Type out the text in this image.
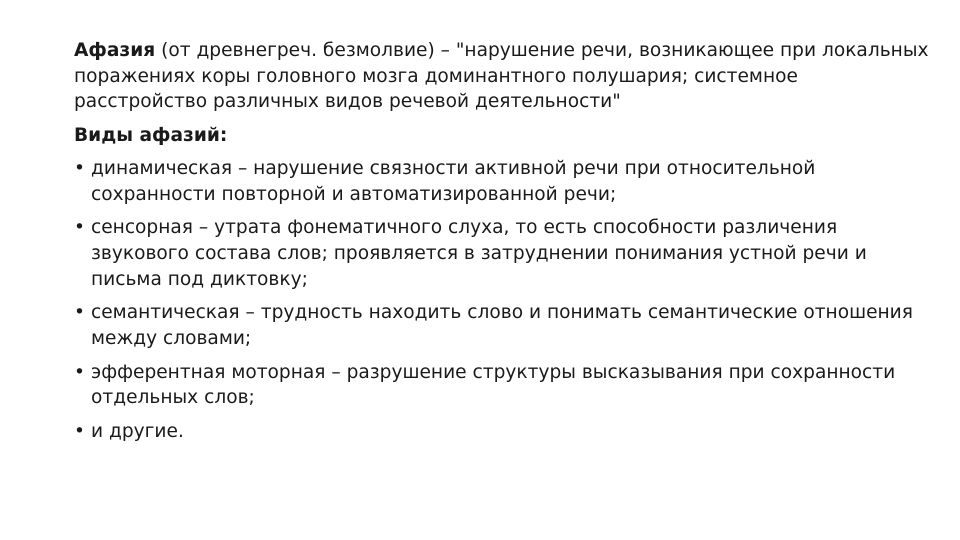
Афазия (от древнегреч. безмолвие) – "нарушение речи, возникающее при локальных поражениях коры головного мозга доминантного полушария; системное расстройство различных видов речевой деятельности"

Виды афазий:

• динамическая – нарушение связности активной речи при относительной сохранности повторной и автоматизированной речи;
• сенсорная – утрата фонематичного слуха, то есть способности различения звукового состава слов; проявляется в затруднении понимания устной речи и письма под диктовку;
• семантическая – трудность находить слово и понимать семантические отношения между словами;
• эфферентная моторная – разрушение структуры высказывания при сохранности отдельных слов;
• и другие.
